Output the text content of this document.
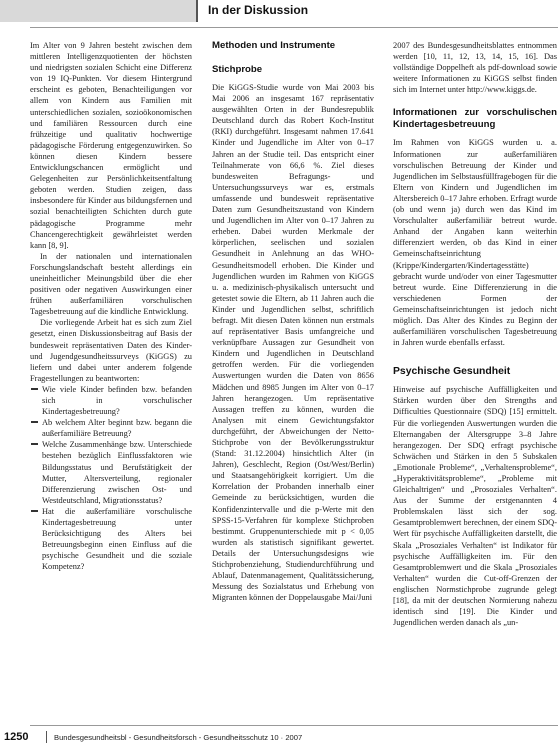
In der Diskussion

Im Alter von 9 Jahren besteht zwischen dem mittleren Intelligenzquotienten der höchsten und niedrigsten sozialen Schicht eine Differenz von 19 IQ-Punkten. Vor diesem Hintergrund erscheint es geboten, Benachteiligungen vor allem von Kindern aus Familien mit unterschiedlichen sozialen, sozioökonomischen und familiären Ressourcen durch eine frühzeitige und qualitativ hochwertige pädagogische Förderung entgegenzuwirken. So können diesen Kindern bessere Entwicklungschancen ermöglicht und Gelegenheiten zur Persönlichkeitsentfaltung geboten werden. Studien zeigen, dass insbesondere für Kinder aus bildungsfernen und sozial benachteiligten Schichten durch gute pädagogische Programme mehr Chancengerechtigkeit gewährleistet werden kann [8, 9].

In der nationalen und internationalen Forschungslandschaft besteht allerdings ein uneinheitlicher Meinungsbild über die eher positiven oder negativen Auswirkungen einer frühen außerfamiliären vorschulischen Tagesbetreuung auf die kindliche Entwicklung.

Die vorliegende Arbeit hat es sich zum Ziel gesetzt, einen Diskussionsbeitrag auf Basis der bundesweit repräsentativen Daten des Kinder- und Jugendgesundheitssurveys (KiGGS) zu liefern und dabei unter anderem folgende Fragestellungen zu beantworten:

Wie viele Kinder befinden bzw. befanden sich in vorschulischer Kindertagesbetreuung?
Ab welchem Alter beginnt bzw. begann die außerfamiliäre Betreuung?
Welche Zusammenhänge bzw. Unterschiede bestehen bezüglich Einflussfaktoren wie Bildungsstatus und Berufstätigkeit der Mutter, Altersverteilung, regionaler Differenzierung zwischen Ost- und Westdeutschland, Migrationsstatus?
Hat die außerfamiliäre vorschulische Kindertagesbetreuung unter Berücksichtigung des Alters bei Betreuungsbeginn einen Einfluss auf die psychische Gesundheit und die soziale Kompetenz?
Methoden und Instrumente
Stichprobe

Die KiGGS-Studie wurde von Mai 2003 bis Mai 2006 an insgesamt 167 repräsentativ ausgewählten Orten in der Bundesrepublik Deutschland durch das Robert Koch-Institut (RKI) durchgeführt. Insgesamt nahmen 17.641 Kinder und Jugendliche im Alter von 0–17 Jahren an der Studie teil. Das entspricht einer Teilnahmerate von 66,6 %. Ziel dieses bundesweiten Befragungs- und Untersuchungssurveys war es, erstmals umfassende und bundesweit repräsentative Daten zum Gesundheitszustand von Kindern und Jugendlichen im Alter von 0–17 Jahren zu erheben. Dabei wurden Merkmale der körperlichen, seelischen und sozialen Gesundheit in Anlehnung an das WHO-Gesundheitsmodell erhoben. Die Kinder und Jugendlichen wurden im Rahmen von KiGGS u. a. medizinisch-physikalisch untersucht und getestet sowie die Eltern, ab 11 Jahren auch die Kinder und Jugendlichen selbst, schriftlich befragt. Mit diesen Daten können nun erstmals auf repräsentativer Basis umfangreiche und verknüpfbare Aussagen zur Gesundheit von Kindern und Jugendlichen in Deutschland getroffen werden. Für die vorliegenden Auswertungen wurden die Daten von 8656 Mädchen und 8985 Jungen im Alter von 0–17 Jahren herangezogen. Um repräsentative Aussagen treffen zu können, wurden die Analysen mit einem Gewichtungsfaktor durchgeführt, der Abweichungen der Netto-Stichprobe von der Bevölkerungsstruktur (Stand: 31.12.2004) hinsichtlich Alter (in Jahren), Geschlecht, Region (Ost/West/Berlin) und Staatsangehörigkeit korrigiert. Um die Korrelation der Probanden innerhalb einer Gemeinde zu berücksichtigen, wurden die Konfidenzintervalle und die p-Werte mit den SPSS-15-Verfahren für komplexe Stichproben bestimmt. Gruppenunterschiede mit p < 0,05 wurden als statistisch signifikant gewertet. Details der Untersuchungsdesigns wie Stichprobenziehung, Studiendurchführung und Ablauf, Datenmanagement, Qualitätssicherung, Messung des Sozialstatus und Erhebung von Migranten können der Doppelausgabe Mai/Juni

2007 des Bundesgesundheitsblattes entnommen werden [10, 11, 12, 13, 14, 15, 16]. Das vollständige Doppelheft als pdf-download sowie weitere Informationen zu KiGGS selbst finden sich im Internet unter http://www.kiggs.de.

Informationen zur vorschulischen Kindertagesbetreuung

Im Rahmen von KiGGS wurden u. a. Informationen zur außerfamiliären vorschulischen Betreuung der Kinder und Jugendlichen im Selbstausfüllfragebogen für die Eltern von Kindern und Jugendlichen im Altersbereich 0–17 Jahre erhoben. Erfragt wurde (ob und wenn ja) durch wen das Kind im Vorschulalter außerfamiliär betreut wurde. Anhand der Angaben kann weiterhin differenziert werden, ob das Kind in einer Gemeinschaftseinrichtung (Krippe/Kindergarten/Kindertagesstätte) gebracht wurde und/oder von einer Tagesmutter betreut wurde. Eine Differenzierung in die verschiedenen Formen der Gemeinschaftseinrichtungen ist jedoch nicht möglich. Das Alter des Kindes zu Beginn der außerfamiliären vorschulischen Tagesbetreuung in Jahren wurde ebenfalls erfasst.

Psychische Gesundheit

Hinweise auf psychische Auffälligkeiten und Stärken wurden über den Strengths and Difficulties Questionnaire (SDQ) [15] ermittelt. Für die vorliegenden Auswertungen wurden die Elternangaben der Altersgruppe 3–8 Jahre herangezogen. Der SDQ erfragt psychische Schwächen und Stärken in den 5 Subskalen „Emotionale Probleme“, „Verhaltensprobleme“, „Hyperaktivitätsprobleme“, „Probleme mit Gleichaltrigen“ und „Prosoziales Verhalten“. Aus der Summe der erstgenannten 4 Problemskalen lässt sich der sog. Gesamtproblemwert berechnen, der einem SDQ-Wert für psychische Auffälligkeiten darstellt, die Skala „Prosoziales Verhalten“ ist Indikator für psychische Auffälligkeiten im. Für den Gesamtproblemwert und die Skala „Prosoziales Verhalten“ wurden die Cut-off-Grenzen der englischen Normstichprobe zugrunde gelegt [18], da mit der deutschen Normierung nahezu identisch sind [19]. Die Kinder und Jugendlichen werden danach als „un-

1250	Bundesgesundheitsbl - Gesundheitsforsch - Gesundheitsschutz 10 · 2007
